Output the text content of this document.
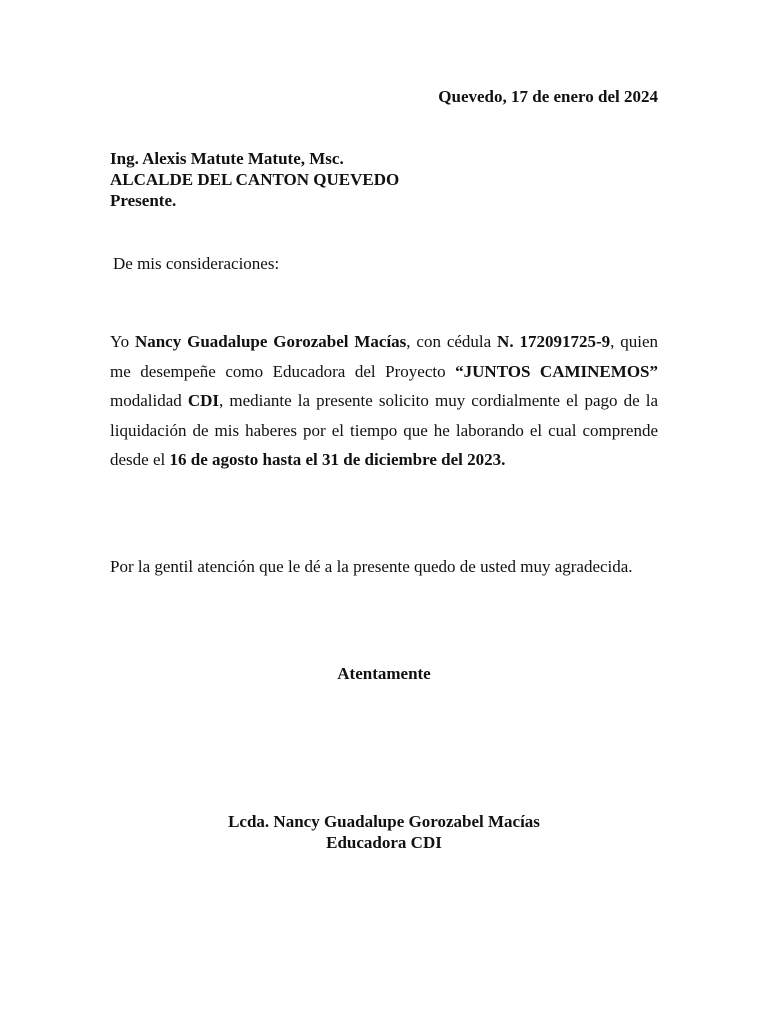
Quevedo, 17 de enero del 2024
Ing. Alexis Matute Matute, Msc.
ALCALDE DEL CANTON QUEVEDO
Presente.
De mis consideraciones:
Yo Nancy Guadalupe Gorozabel Macías, con cédula N. 172091725-9, quien me desempeñe como Educadora del Proyecto “JUNTOS CAMINEMOS” modalidad CDI, mediante la presente solicito muy cordialmente el pago de la liquidación de mis haberes por el tiempo que he laborando el cual comprende desde el 16 de agosto hasta el 31 de diciembre del 2023.
Por la gentil atención que le dé a la presente quedo de usted muy agradecida.
Atentamente
Lcda. Nancy Guadalupe Gorozabel Macías
Educadora CDI
